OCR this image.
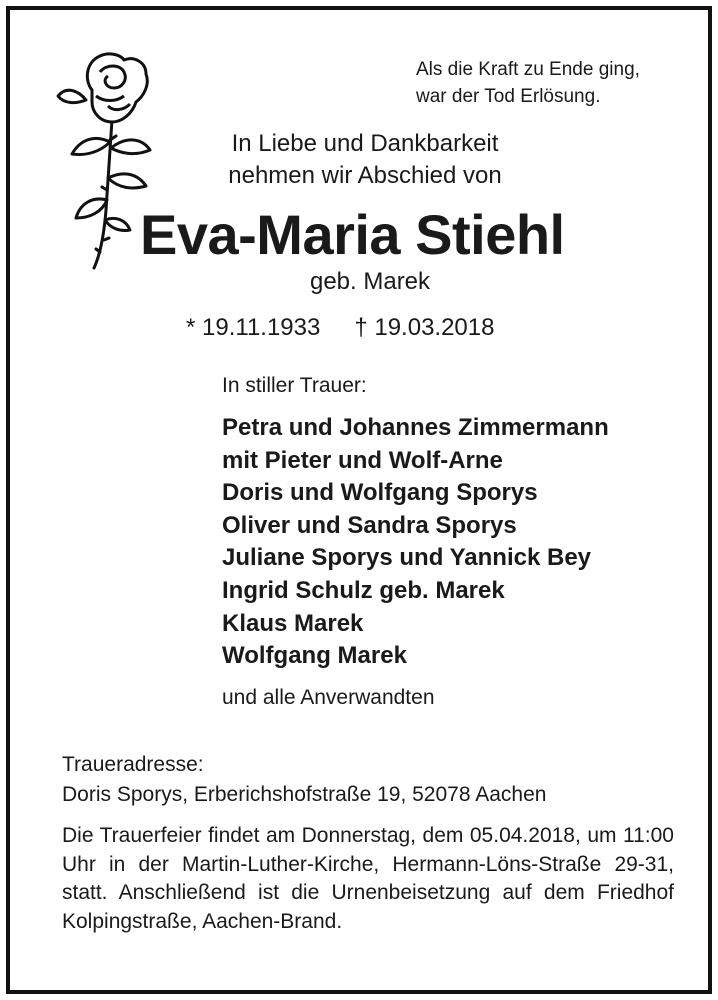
Als die Kraft zu Ende ging,
war der Tod Erlösung.
In Liebe und Dankbarkeit
nehmen wir Abschied von
Eva-Maria Stiehl
geb. Marek
* 19.11.1933 † 19.03.2018
In stiller Trauer:
Petra und Johannes Zimmermann
mit Pieter und Wolf-Arne
Doris und Wolfgang Sporys
Oliver und Sandra Sporys
Juliane Sporys und Yannick Bey
Ingrid Schulz geb. Marek
Klaus Marek
Wolfgang Marek
und alle Anverwandten
Traueradresse:
Doris Sporys, Erberichshofstraße 19, 52078 Aachen
Die Trauerfeier findet am Donnerstag, dem 05.04.2018, um 11:00 Uhr in der Martin-Luther-Kirche, Hermann-Löns-Straße 29-31, statt. Anschließend ist die Urnenbeisetzung auf dem Friedhof Kolpingstraße, Aachen-Brand.
